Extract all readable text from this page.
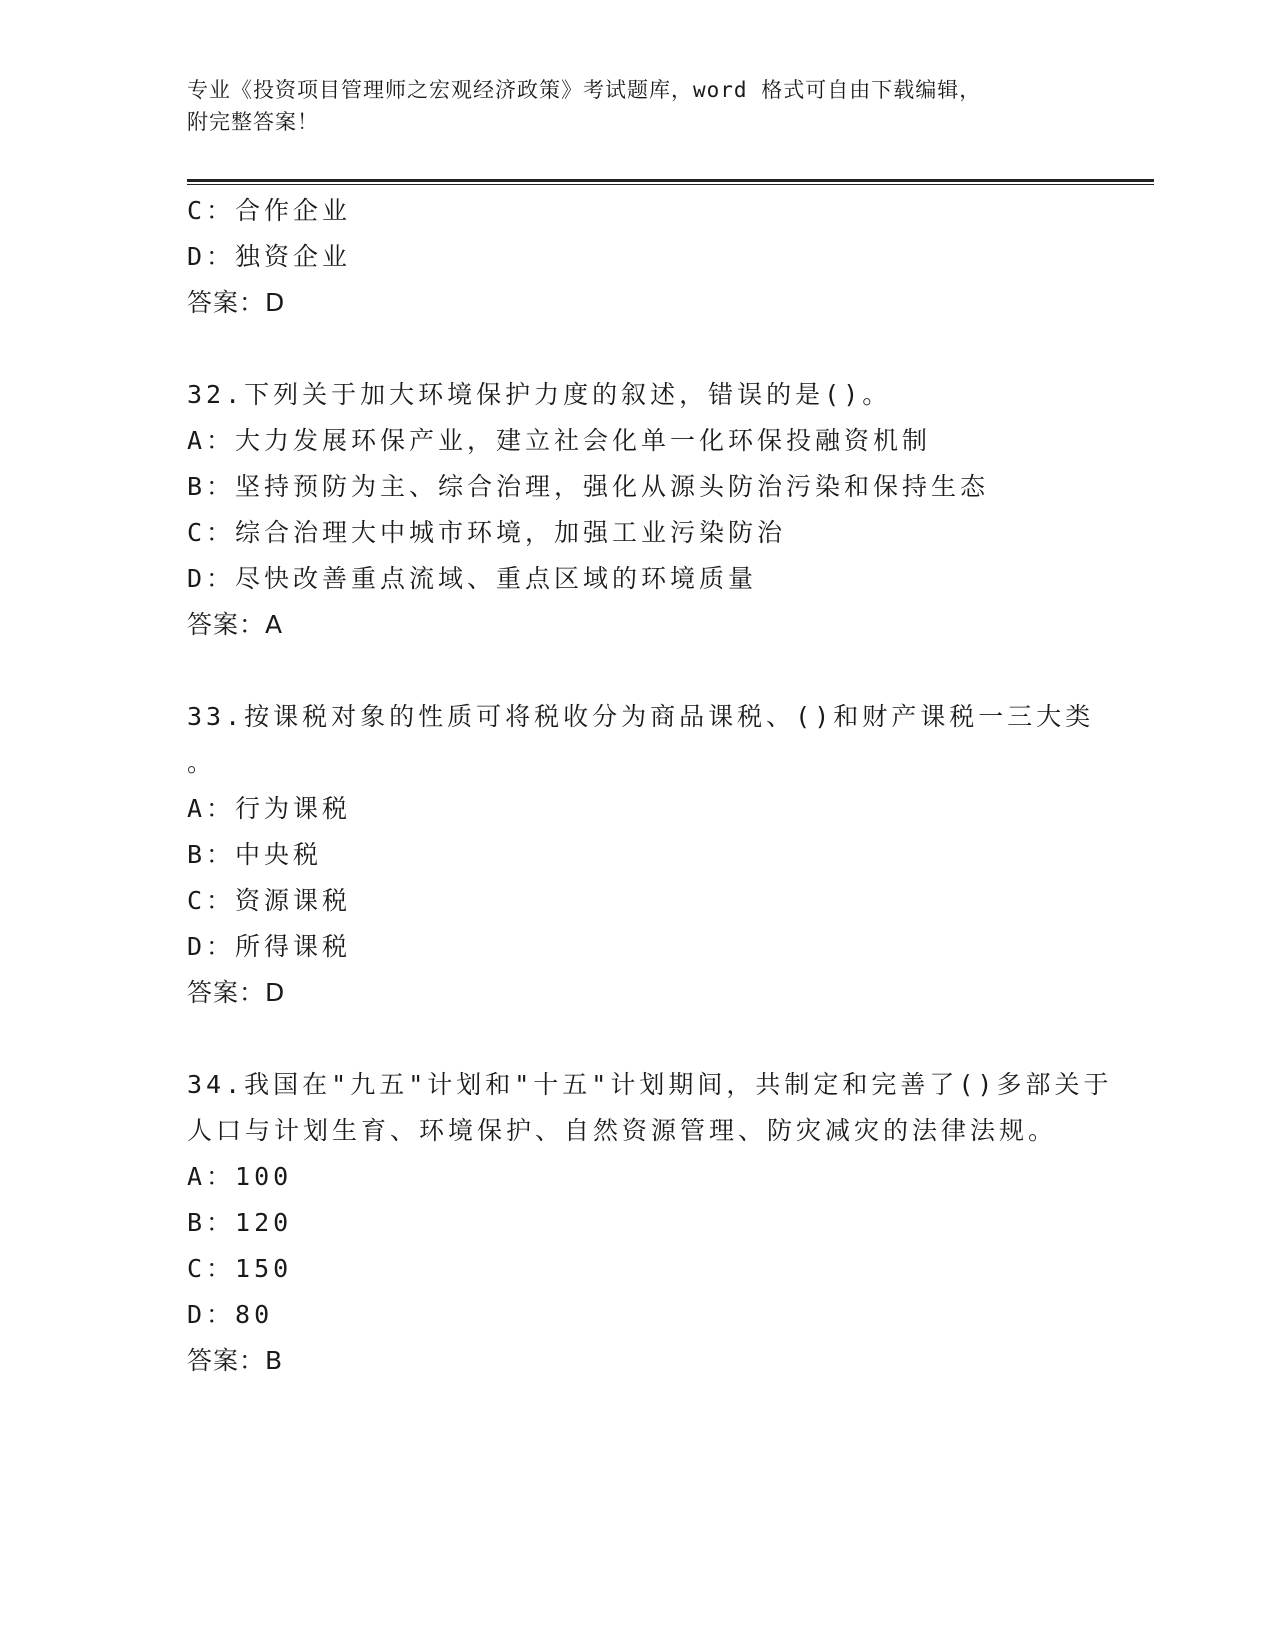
专业《投资项目管理师之宏观经济政策》考试题库，word 格式可自由下载编辑，
附完整答案！
C：合作企业
D：独资企业
答案：D
32.下列关于加大环境保护力度的叙述，错误的是()。
A：大力发展环保产业，建立社会化单一化环保投融资机制
B：坚持预防为主、综合治理，强化从源头防治污染和保持生态
C：综合治理大中城市环境，加强工业污染防治
D：尽快改善重点流域、重点区域的环境质量
答案：A
33.按课税对象的性质可将税收分为商品课税、()和财产课税一三大类
。
A：行为课税
B：中央税
C：资源课税
D：所得课税
答案：D
34.我国在"九五"计划和"十五"计划期间，共制定和完善了()多部关于
人口与计划生育、环境保护、自然资源管理、防灾减灾的法律法规。
A：100
B：120
C：150
D：80
答案：B
